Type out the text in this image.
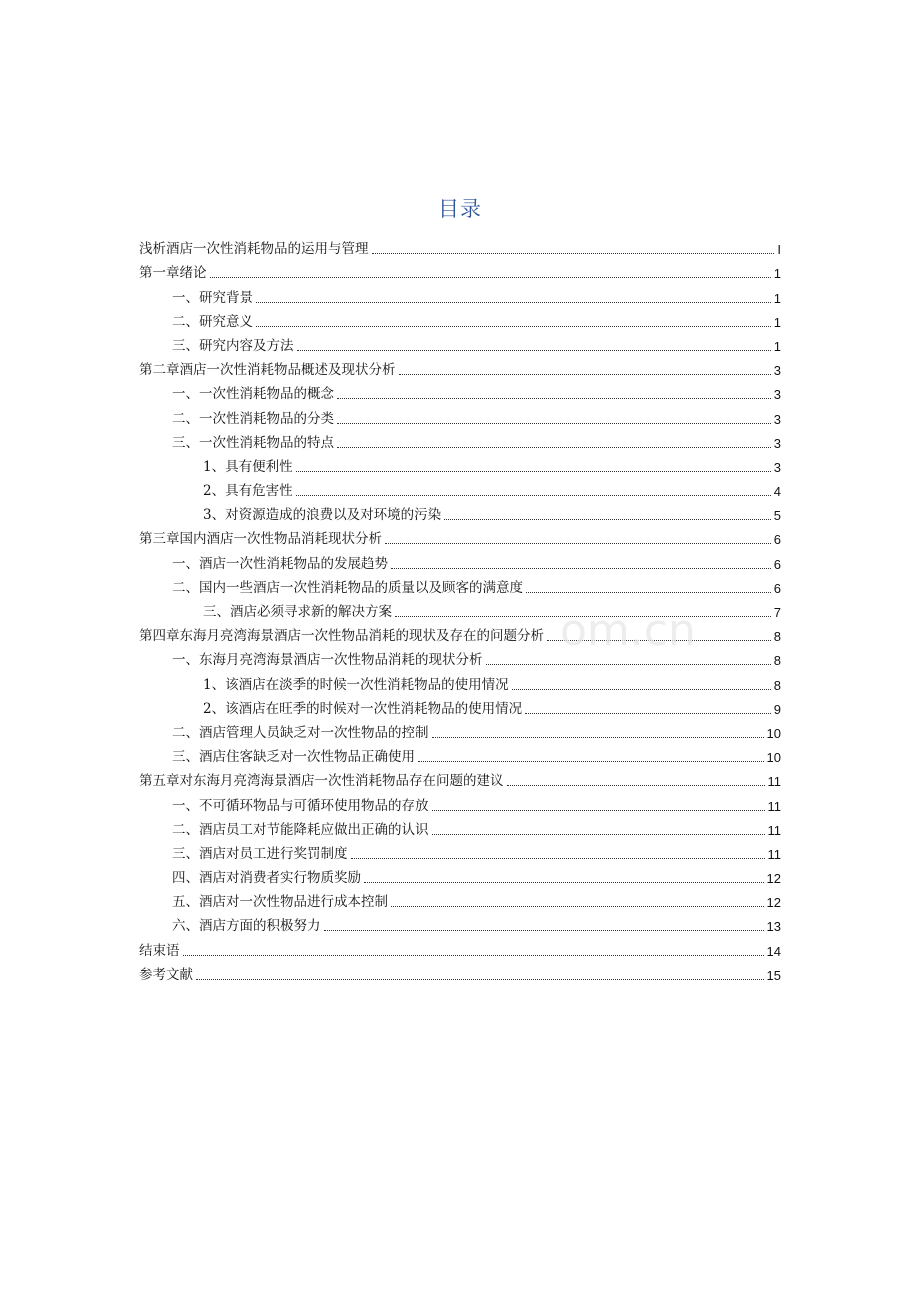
目录
浅析酒店一次性消耗物品的运用与管理	I
第一章绪论	1
一、研究背景	1
二、研究意义	1
三、研究内容及方法	1
第二章酒店一次性消耗物品概述及现状分析	3
一、一次性消耗物品的概念	3
二、一次性消耗物品的分类	3
三、一次性消耗物品的特点	3
1、具有便利性	3
2、具有危害性	4
3、对资源造成的浪费以及对环境的污染	5
第三章国内酒店一次性物品消耗现状分析	6
一、酒店一次性消耗物品的发展趋势	6
二、国内一些酒店一次性消耗物品的质量以及顾客的满意度	6
三、酒店必须寻求新的解决方案	7
第四章东海月亮湾海景酒店一次性物品消耗的现状及存在的问题分析	8
一、东海月亮湾海景酒店一次性物品消耗的现状分析	8
1、该酒店在淡季的时候一次性消耗物品的使用情况	8
2、该酒店在旺季的时候对一次性消耗物品的使用情况	9
二、酒店管理人员缺乏对一次性物品的控制	10
三、酒店住客缺乏对一次性物品正确使用	10
第五章对东海月亮湾海景酒店一次性消耗物品存在问题的建议	11
一、不可循环物品与可循环使用物品的存放	11
二、酒店员工对节能降耗应做出正确的认识	11
三、酒店对员工进行奖罚制度	11
四、酒店对消费者实行物质奖励	12
五、酒店对一次性物品进行成本控制	12
六、酒店方面的积极努力	13
结束语	14
参考文献	15
om.cn
